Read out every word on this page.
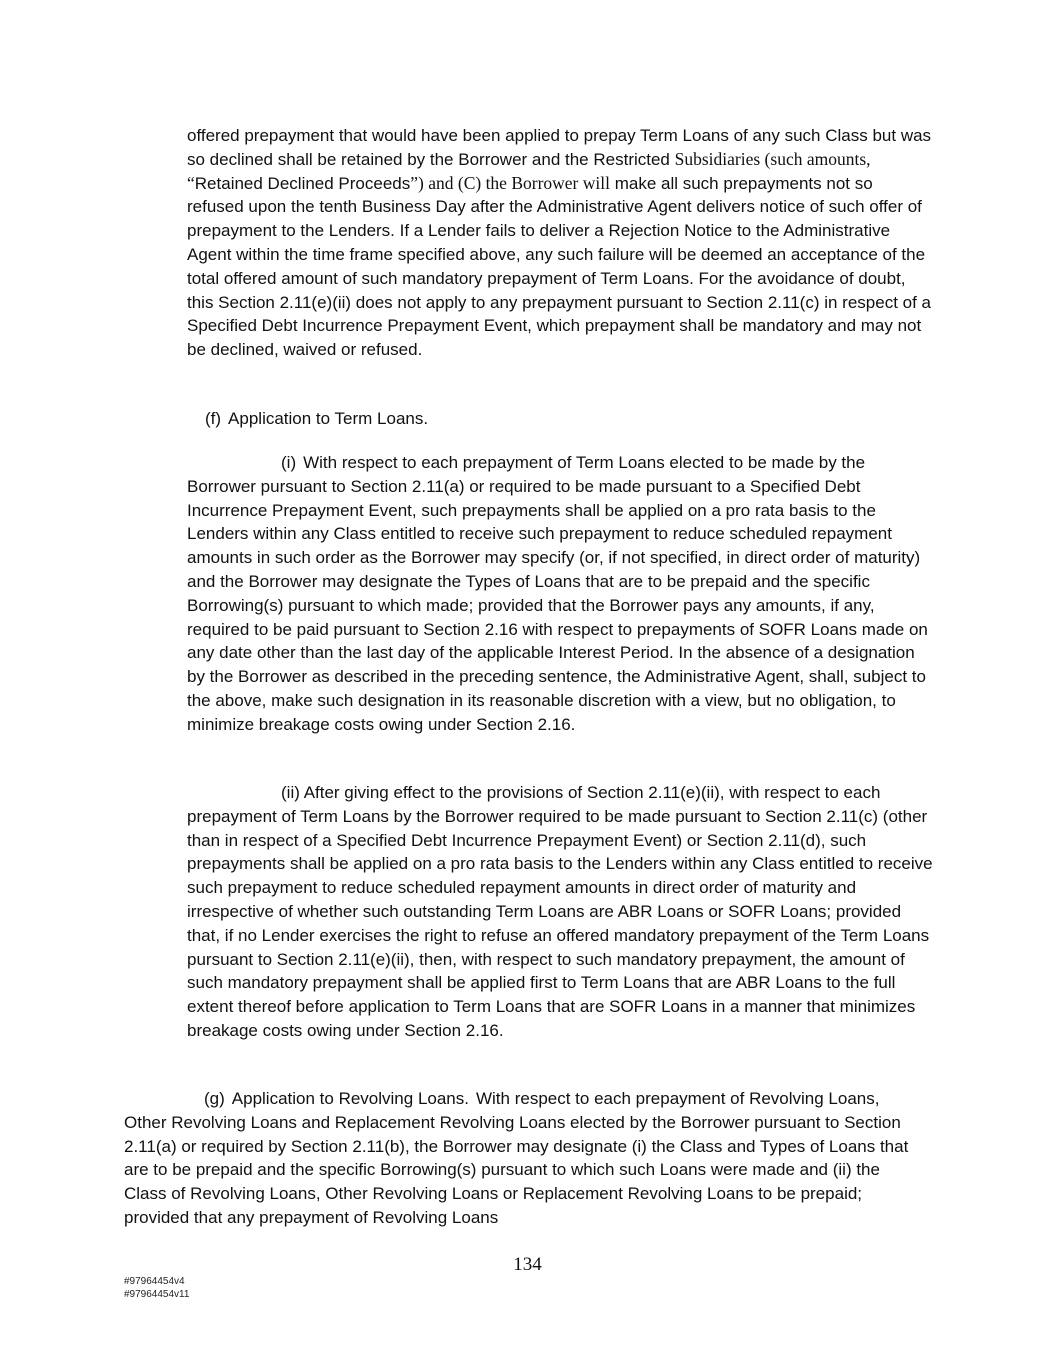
offered prepayment that would have been applied to prepay Term Loans of any such Class but was so declined shall be retained by the Borrower and the Restricted Subsidiaries (such amounts, “Retained Declined Proceeds”) and (C) the Borrower will make all such prepayments not so refused upon the tenth Business Day after the Administrative Agent delivers notice of such offer of prepayment to the Lenders. If a Lender fails to deliver a Rejection Notice to the Administrative Agent within the time frame specified above, any such failure will be deemed an acceptance of the total offered amount of such mandatory prepayment of Term Loans. For the avoidance of doubt, this Section 2.11(e)(ii) does not apply to any prepayment pursuant to Section 2.11(c) in respect of a Specified Debt Incurrence Prepayment Event, which prepayment shall be mandatory and may not be declined, waived or refused.

(f) Application to Term Loans.

(i) With respect to each prepayment of Term Loans elected to be made by the Borrower pursuant to Section 2.11(a) or required to be made pursuant to a Specified Debt Incurrence Prepayment Event, such prepayments shall be applied on a pro rata basis to the Lenders within any Class entitled to receive such prepayment to reduce scheduled repayment amounts in such order as the Borrower may specify (or, if not specified, in direct order of maturity) and the Borrower may designate the Types of Loans that are to be prepaid and the specific Borrowing(s) pursuant to which made; provided that the Borrower pays any amounts, if any, required to be paid pursuant to Section 2.16 with respect to prepayments of SOFR Loans made on any date other than the last day of the applicable Interest Period. In the absence of a designation by the Borrower as described in the preceding sentence, the Administrative Agent, shall, subject to the above, make such designation in its reasonable discretion with a view, but no obligation, to minimize breakage costs owing under Section 2.16.

(ii) After giving effect to the provisions of Section 2.11(e)(ii), with respect to each prepayment of Term Loans by the Borrower required to be made pursuant to Section 2.11(c) (other than in respect of a Specified Debt Incurrence Prepayment Event) or Section 2.11(d), such prepayments shall be applied on a pro rata basis to the Lenders within any Class entitled to receive such prepayment to reduce scheduled repayment amounts in direct order of maturity and irrespective of whether such outstanding Term Loans are ABR Loans or SOFR Loans; provided that, if no Lender exercises the right to refuse an offered mandatory prepayment of the Term Loans pursuant to Section 2.11(e)(ii), then, with respect to such mandatory prepayment, the amount of such mandatory prepayment shall be applied first to Term Loans that are ABR Loans to the full extent thereof before application to Term Loans that are SOFR Loans in a manner that minimizes breakage costs owing under Section 2.16.

(g) Application to Revolving Loans. With respect to each prepayment of Revolving Loans, Other Revolving Loans and Replacement Revolving Loans elected by the Borrower pursuant to Section 2.11(a) or required by Section 2.11(b), the Borrower may designate (i) the Class and Types of Loans that are to be prepaid and the specific Borrowing(s) pursuant to which such Loans were made and (ii) the Class of Revolving Loans, Other Revolving Loans or Replacement Revolving Loans to be prepaid; provided that any prepayment of Revolving Loans

134
#97964454v4
#97964454v11
